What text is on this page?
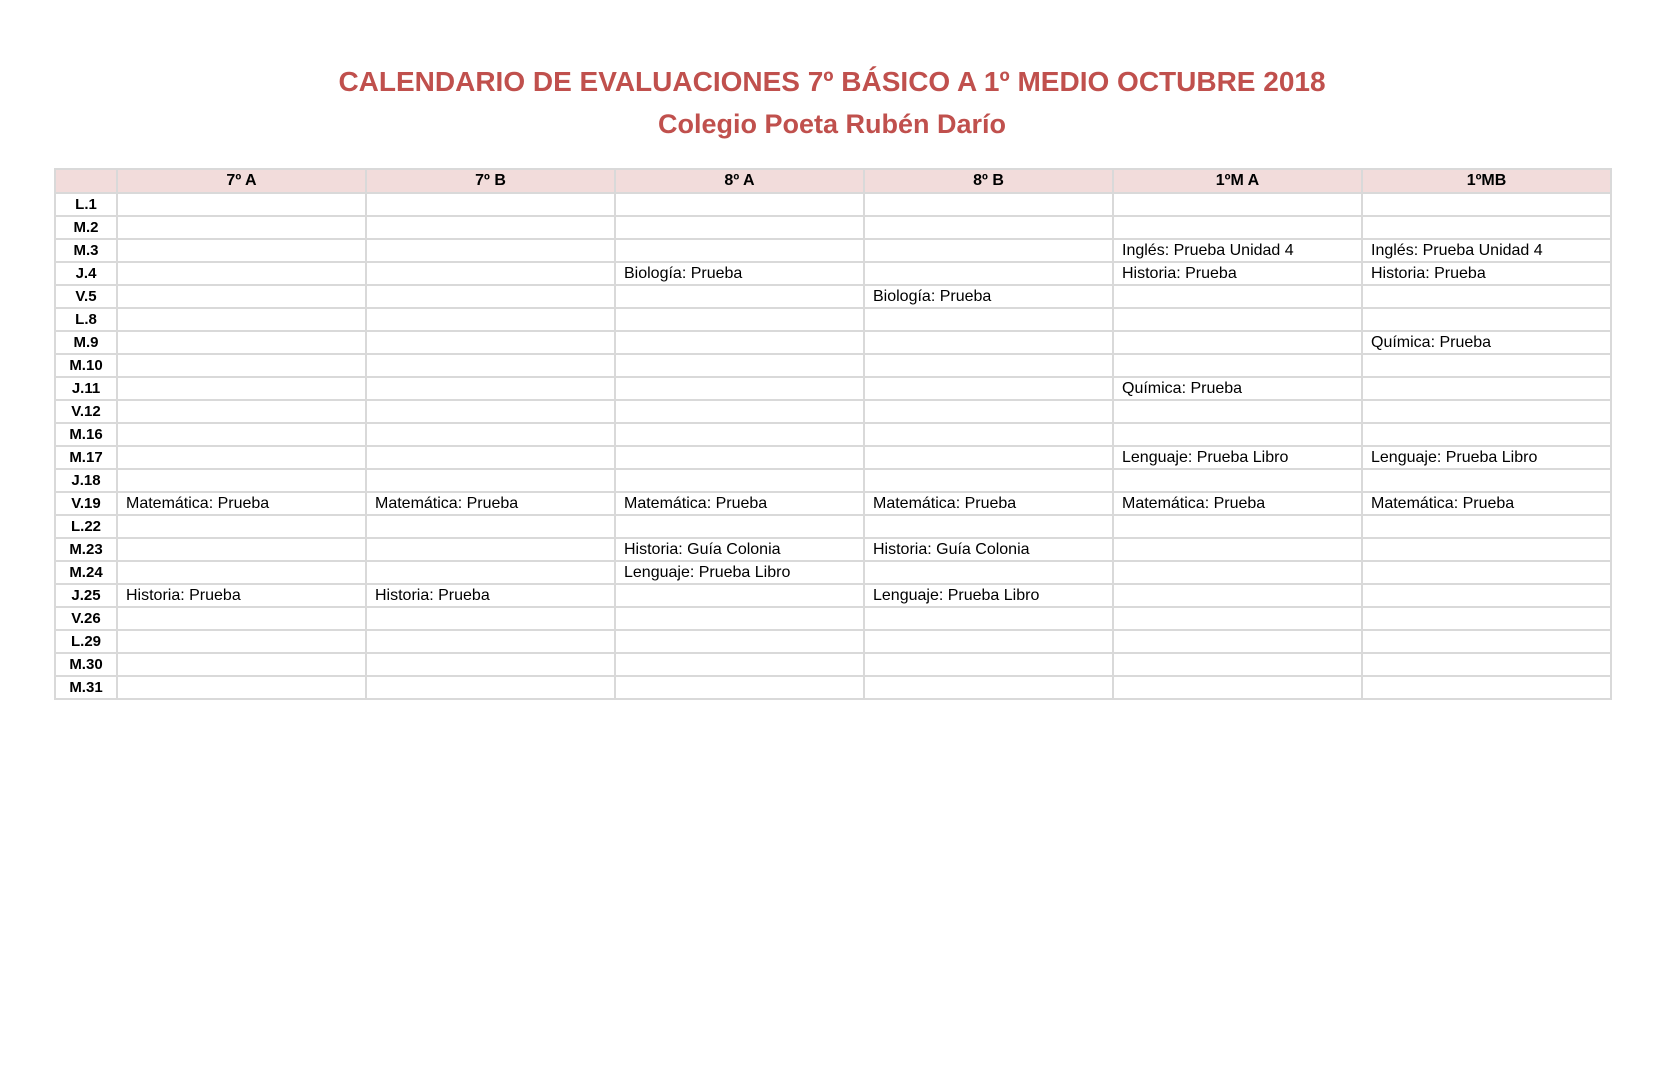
CALENDARIO DE EVALUACIONES 7º BÁSICO A 1º MEDIO OCTUBRE 2018
Colegio Poeta Rubén Darío
	7º A	7º B	8º A	8º B	1ºM A	1ºMB
L.1						
M.2						
M.3					Inglés: Prueba Unidad 4	Inglés: Prueba Unidad 4
J.4			Biología: Prueba		Historia: Prueba	Historia: Prueba
V.5				Biología: Prueba		
L.8						
M.9						Química: Prueba
M.10						
J.11					Química: Prueba	
V.12						
M.16						
M.17					Lenguaje: Prueba Libro	Lenguaje: Prueba Libro
J.18						
V.19	Matemática: Prueba	Matemática: Prueba	Matemática: Prueba	Matemática: Prueba	Matemática: Prueba	Matemática: Prueba
L.22						
M.23			Historia: Guía Colonia	Historia: Guía Colonia		
M.24			Lenguaje: Prueba Libro			
J.25	Historia: Prueba	Historia: Prueba		Lenguaje: Prueba Libro		
V.26						
L.29						
M.30						
M.31						
